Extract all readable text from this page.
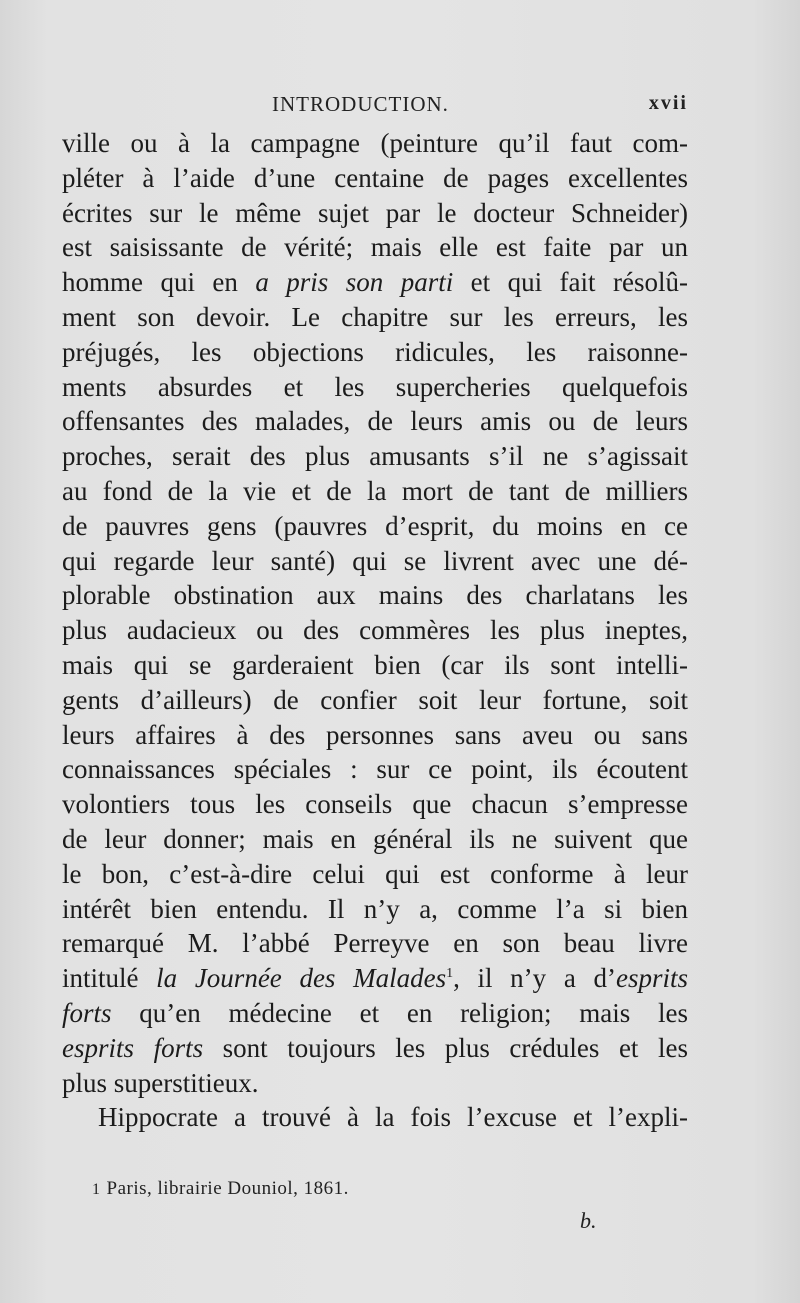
INTRODUCTION.	xvii
ville ou à la campagne (peinture qu’il faut com-
pléter à l’aide d’une centaine de pages excellentes
écrites sur le même sujet par le docteur Schneider)
est saisissante de vérité; mais elle est faite par un
homme qui en a pris son parti et qui fait résolû-
ment son devoir. Le chapitre sur les erreurs, les
préjugés, les objections ridicules, les raisonne-
ments absurdes et les supercheries quelquefois
offensantes des malades, de leurs amis ou de leurs
proches, serait des plus amusants s’il ne s’agissait
au fond de la vie et de la mort de tant de milliers
de pauvres gens (pauvres d’esprit, du moins en ce
qui regarde leur santé) qui se livrent avec une dé-
plorable obstination aux mains des charlatans les
plus audacieux ou des commères les plus ineptes,
mais qui se garderaient bien (car ils sont intelli-
gents d’ailleurs) de confier soit leur fortune, soit
leurs affaires à des personnes sans aveu ou sans
connaissances spéciales : sur ce point, ils écoutent
volontiers tous les conseils que chacun s’empresse
de leur donner; mais en général ils ne suivent que
le bon, c’est-à-dire celui qui est conforme à leur
intérêt bien entendu. Il n’y a, comme l’a si bien
remarqué M. l’abbé Perreyve en son beau livre
intitulé la Journée des Malades$^1$, il n’y a d’esprits
forts qu’en médecine et en religion; mais les
esprits forts sont toujours les plus crédules et les
plus superstitieux.
Hippocrate a trouvé à la fois l’excuse et l’expli-
1 Paris, librairie Douniol, 1861.
b.
